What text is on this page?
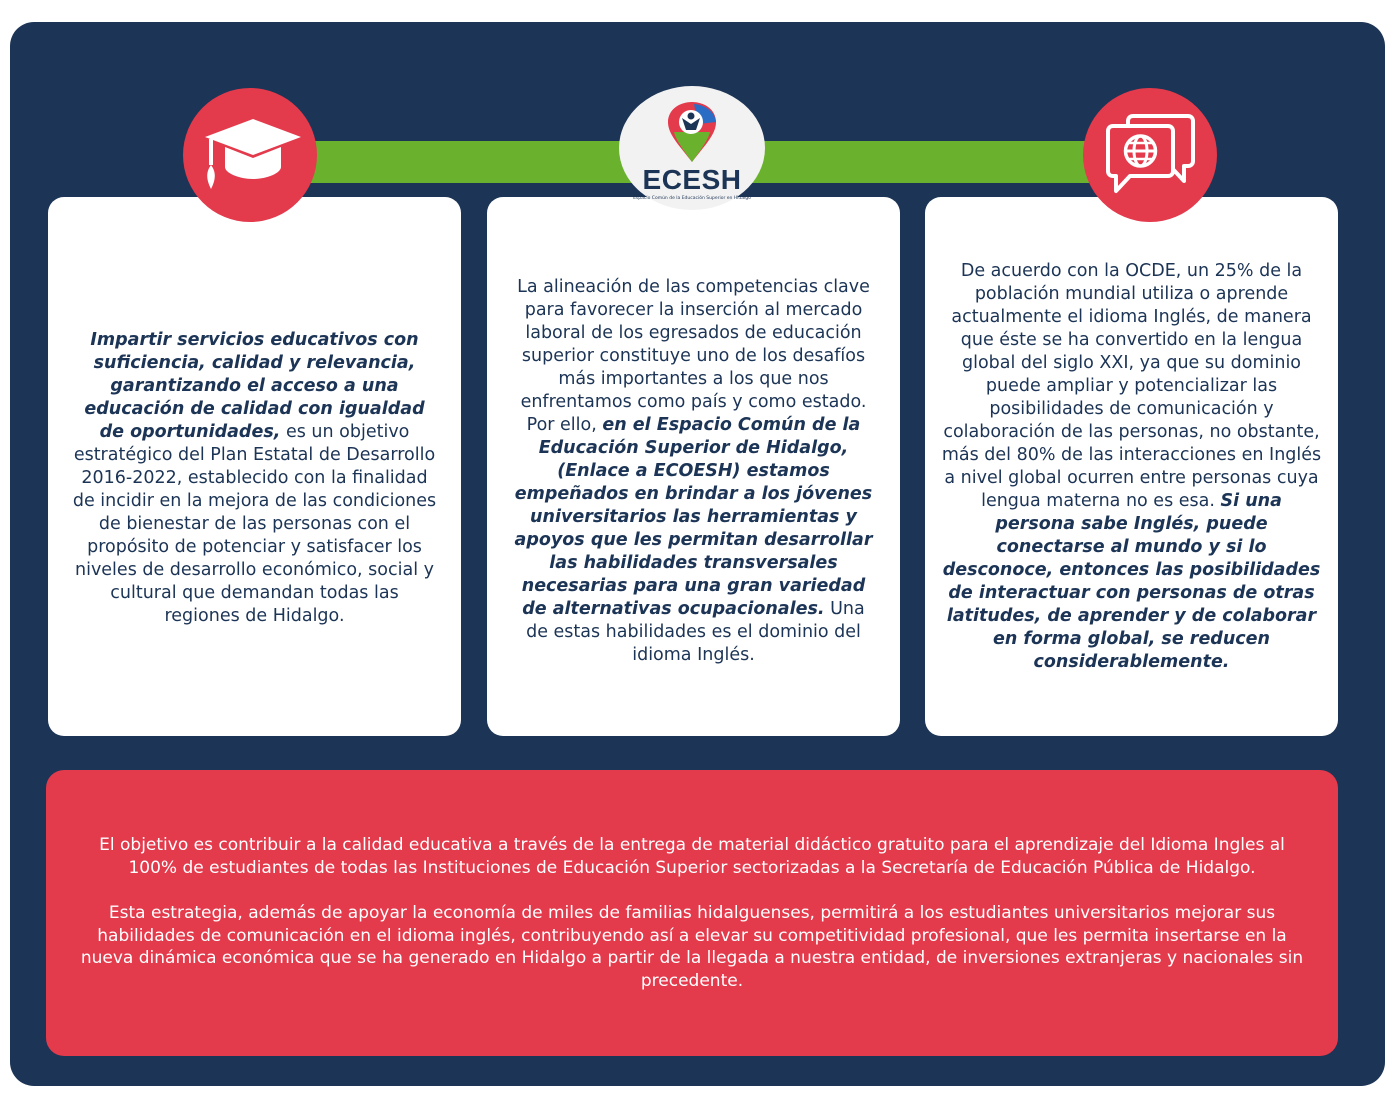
ECESH
Espacio Común de la Educación Superior en Hidalgo

Impartir servicios educativos con suficiencia, calidad y relevancia, garantizando el acceso a una educación de calidad con igualdad de oportunidades, es un objetivo estratégico del Plan Estatal de Desarrollo 2016-2022, establecido con la finalidad de incidir en la mejora de las condiciones de bienestar de las personas con el propósito de potenciar y satisfacer los niveles de desarrollo económico, social y cultural que demandan todas las regiones de Hidalgo.

La alineación de las competencias clave para favorecer la inserción al mercado laboral de los egresados de educación superior constituye uno de los desafíos más importantes a los que nos enfrentamos como país y como estado. Por ello, en el Espacio Común de la Educación Superior de Hidalgo, (Enlace a ECOESH) estamos empeñados en brindar a los jóvenes universitarios las herramientas y apoyos que les permitan desarrollar las habilidades transversales necesarias para una gran variedad de alternativas ocupacionales. Una de estas habilidades es el dominio del idioma Inglés.

De acuerdo con la OCDE, un 25% de la población mundial utiliza o aprende actualmente el idioma Inglés, de manera que éste se ha convertido en la lengua global del siglo XXI, ya que su dominio puede ampliar y potencializar las posibilidades de comunicación y colaboración de las personas, no obstante, más del 80% de las interacciones en Inglés a nivel global ocurren entre personas cuya lengua materna no es esa. Si una persona sabe Inglés, puede conectarse al mundo y si lo desconoce, entonces las posibilidades de interactuar con personas de otras latitudes, de aprender y de colaborar en forma global, se reducen considerablemente.

El objetivo es contribuir a la calidad educativa a través de la entrega de material didáctico gratuito para el aprendizaje del Idioma Ingles al 100% de estudiantes de todas las Instituciones de Educación Superior sectorizadas a la Secretaría de Educación Pública de Hidalgo.

Esta estrategia, además de apoyar la economía de miles de familias hidalguenses, permitirá a los estudiantes universitarios mejorar sus habilidades de comunicación en el idioma inglés, contribuyendo así a elevar su competitividad profesional, que les permita insertarse en la nueva dinámica económica que se ha generado en Hidalgo a partir de la llegada a nuestra entidad, de inversiones extranjeras y nacionales sin precedente.
